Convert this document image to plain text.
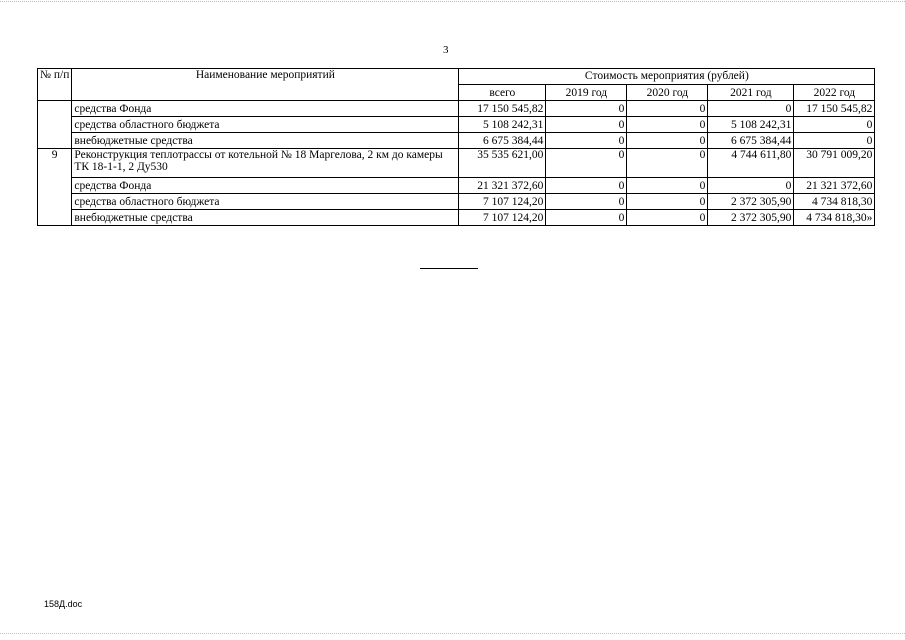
3
№ п/п	Наименование мероприятий	Стоимость мероприятия (рублей)				
		всего	2019 год	2020 год	2021 год	2022 год
	средства Фонда	17 150 545,82	0	0	0	17 150 545,82
	средства областного бюджета	5 108 242,31	0	0	5 108 242,31	0
	внебюджетные средства	6 675 384,44	0	0	6 675 384,44	0
9	Реконструкция теплотрассы от котельной № 18 Маргелова, 2 км до камеры ТК 18-1-1, 2 Ду530	35 535 621,00	0	0	4 744 611,80	30 791 009,20
	средства Фонда	21 321 372,60	0	0	0	21 321 372,60
	средства областного бюджета	7 107 124,20	0	0	2 372 305,90	4 734 818,30
	внебюджетные средства	7 107 124,20	0	0	2 372 305,90	4 734 818,30»
158Д.doc
